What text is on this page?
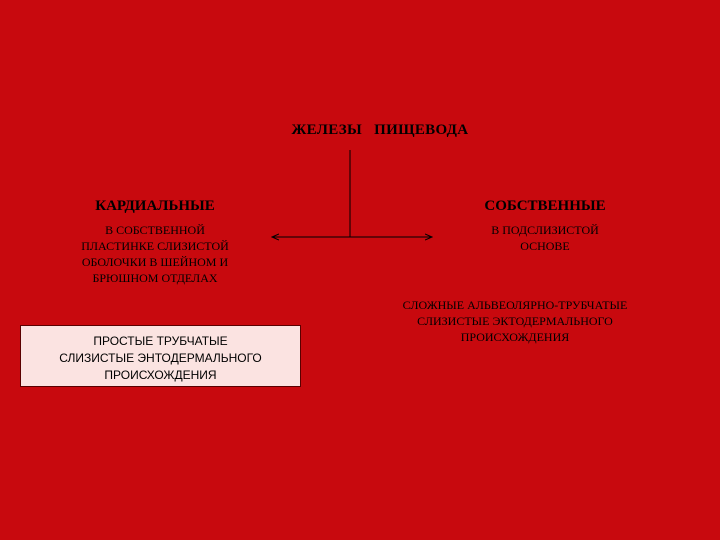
ЖЕЛЕЗЫ   ПИЩЕВОДА
КАРДИАЛЬНЫЕ
В СОБСТВЕННОЙ
ПЛАСТИНКЕ СЛИЗИСТОЙ
ОБОЛОЧКИ В ШЕЙНОМ И
БРЮШНОМ ОТДЕЛАХ
ПРОСТЫЕ ТРУБЧАТЫЕ
СЛИЗИСТЫЕ ЭНТОДЕРМАЛЬНОГО
ПРОИСХОЖДЕНИЯ
СОБСТВЕННЫЕ
В ПОДСЛИЗИСТОЙ
ОСНОВЕ
СЛОЖНЫЕ АЛЬВЕОЛЯРНО-ТРУБЧАТЫЕ
СЛИЗИСТЫЕ ЭКТОДЕРМАЛЬНОГО
ПРОИСХОЖДЕНИЯ
